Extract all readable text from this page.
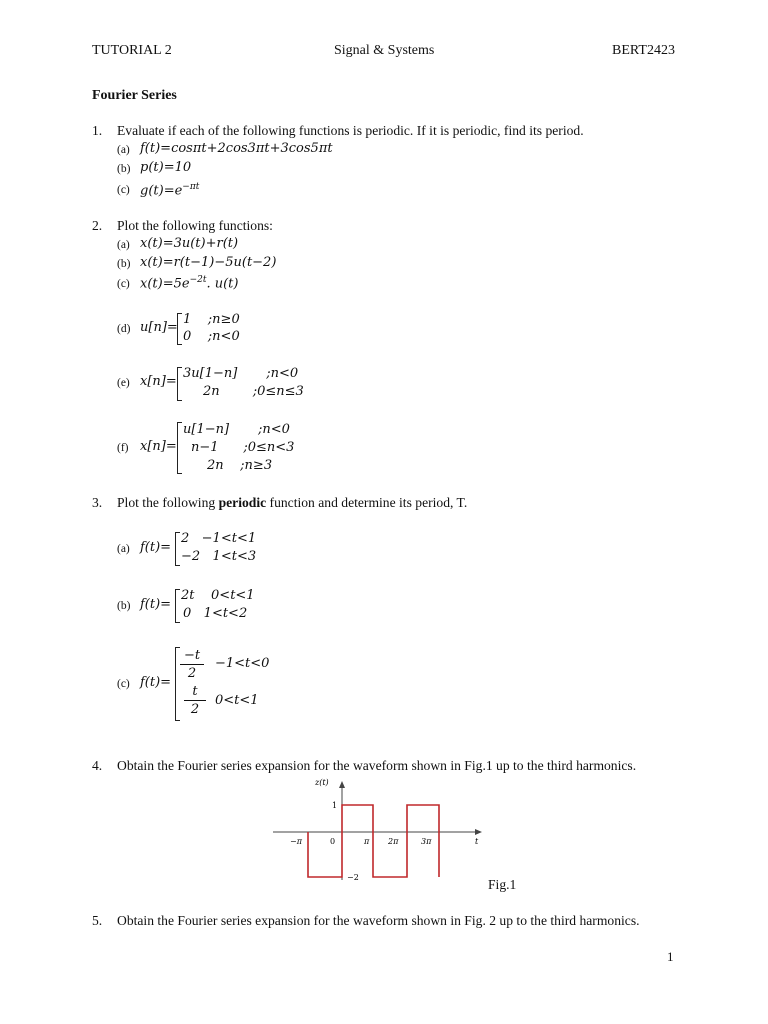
TUTORIAL 2	Signal & Systems	BERT2423
Fourier Series
1. Evaluate if each of the following functions is periodic. If it is periodic, find its period.
(a) f(t)=cosπt+2cos3πt+3cos5πt
(b) p(t)=10
(c) $g(t)=e^{-\pi t}$
2. Plot the following functions:
(a) x(t)=3u(t)+r(t)
(b) x(t)=r(t−1)−5u(t−2)
(c) $x(t)=5e^{-2t}$. u(t)
(d) u[n]=
1    ;n≥0
0    ;n<0
(e) x[n]=
3u[1−n]       ;n<0
2n        ;0≤n≤3
(f) x[n]=
u[1−n]       ;n<0
n−1      ;0≤n<3
2n    ;n≥3
3. Plot the following periodic function and determine its period, T.
(a) f(t)=
2   −1<t<1
−2   1<t<3
(b) f(t)=
2t    0<t<1
0   1<t<2
(c) f(t)=
−t
2
−1<t<0
t
2
0<t<1
4. Obtain the Fourier series expansion for the waveform shown in Fig.1 up to the third harmonics.
z(t)
1
−2
−π	0	π 2π	3π	t
Fig.1
5. Obtain the Fourier series expansion for the waveform shown in Fig. 2 up to the third harmonics.
1
